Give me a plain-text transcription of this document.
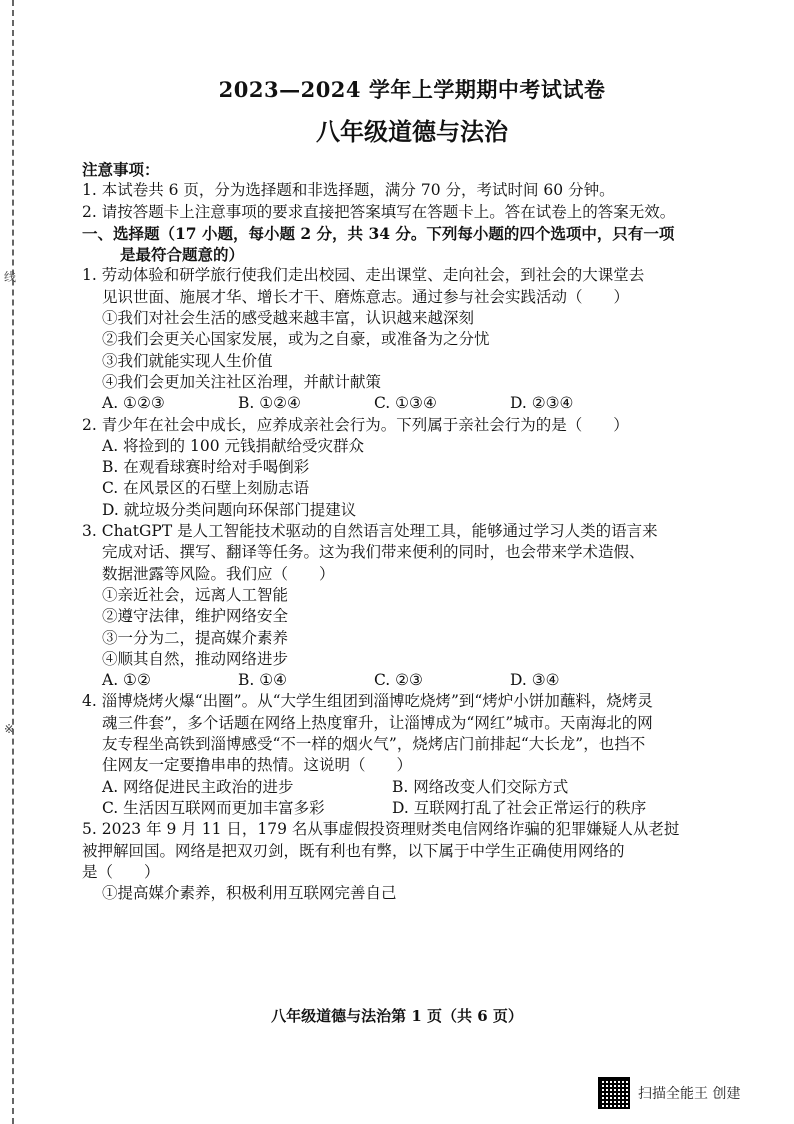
线
※
2023—2024 学年上学期期中考试试卷
八年级道德与法治
注意事项：
1. 本试卷共 6 页，分为选择题和非选择题，满分 70 分，考试时间 60 分钟。
2. 请按答题卡上注意事项的要求直接把答案填写在答题卡上。答在试卷上的答案无效。
一、选择题（17 小题，每小题 2 分，共 34 分。下列每小题的四个选项中，只有一项
是最符合题意的）
1. 劳动体验和研学旅行使我们走出校园、走出课堂、走向社会，到社会的大课堂去
见识世面、施展才华、增长才干、磨炼意志。通过参与社会实践活动（　　）
①我们对社会生活的感受越来越丰富，认识越来越深刻
②我们会更关心国家发展，或为之自豪，或准备为之分忧
③我们就能实现人生价值
④我们会更加关注社区治理，并献计献策
A. ①②③	B. ①②④	C. ①③④	D. ②③④
2. 青少年在社会中成长，应养成亲社会行为。下列属于亲社会行为的是（　　）
A. 将捡到的 100 元钱捐献给受灾群众
B. 在观看球赛时给对手喝倒彩
C. 在风景区的石壁上刻励志语
D. 就垃圾分类问题向环保部门提建议
3. ChatGPT 是人工智能技术驱动的自然语言处理工具，能够通过学习人类的语言来
完成对话、撰写、翻译等任务。这为我们带来便利的同时，也会带来学术造假、
数据泄露等风险。我们应（　　）
①亲近社会，远离人工智能
②遵守法律，维护网络安全
③一分为二，提高媒介素养
④顺其自然，推动网络进步
A. ①②	B. ①④	C. ②③	D. ③④
4. 淄博烧烤火爆“出圈”。从“大学生组团到淄博吃烧烤”到“烤炉小饼加蘸料，烧烤灵
魂三件套”，多个话题在网络上热度窜升，让淄博成为“网红”城市。天南海北的网
友专程坐高铁到淄博感受“不一样的烟火气”，烧烤店门前排起“大长龙”，也挡不
住网友一定要撸串串的热情。这说明（　　）
A. 网络促进民主政治的进步	B. 网络改变人们交际方式
C. 生活因互联网而更加丰富多彩	D. 互联网打乱了社会正常运行的秩序
5. 2023 年 9 月 11 日，179 名从事虚假投资理财类电信网络诈骗的犯罪嫌疑人从老挝
被押解回国。网络是把双刃剑，既有利也有弊，以下属于中学生正确使用网络的
是（　　）
①提高媒介素养，积极利用互联网完善自己
八年级道德与法治第 1 页（共 6 页）
扫描全能王 创建
